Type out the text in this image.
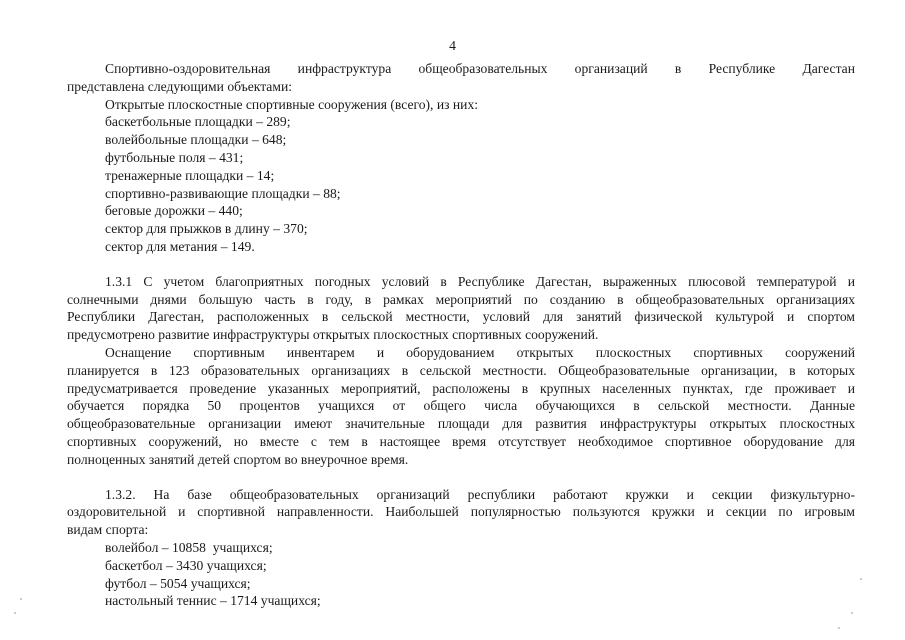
4
Спортивно-оздоровительная инфраструктура общеобразовательных организаций в Республике Дагестан
представлена следующими объектами:
Открытые плоскостные спортивные сооружения (всего), из них:
баскетбольные площадки – 289;
волейбольные площадки – 648;
футбольные поля – 431;
тренажерные площадки – 14;
спортивно-развивающие площадки – 88;
беговые дорожки – 440;
сектор для прыжков в длину – 370;
сектор для метания – 149.
1.3.1 С учетом благоприятных погодных условий в Республике Дагестан, выраженных плюсовой температурой и
солнечными днями большую часть в году, в рамках мероприятий по созданию в общеобразовательных организациях
Республики Дагестан, расположенных в сельской местности, условий для занятий физической культурой и спортом
предусмотрено развитие инфраструктуры открытых плоскостных спортивных сооружений.
Оснащение спортивным инвентарем и оборудованием открытых плоскостных спортивных сооружений
планируется в 123 образовательных организациях в сельской местности. Общеобразовательные организации, в которых
предусматривается проведение указанных мероприятий, расположены в крупных населенных пунктах, где проживает и
обучается порядка 50 процентов учащихся от общего числа обучающихся в сельской местности. Данные
общеобразовательные организации имеют значительные площади для развития инфраструктуры открытых плоскостных
спортивных сооружений, но вместе с тем в настоящее время отсутствует необходимое спортивное оборудование для
полноценных занятий детей спортом во внеурочное время.
1.3.2. На базе общеобразовательных организаций республики работают кружки и секции физкультурно-
оздоровительной и спортивной направленности. Наибольшей популярностью пользуются кружки и секции по игровым
видам спорта:
волейбол – 10858  учащихся;
баскетбол – 3430 учащихся;
футбол – 5054 учащихся;
настольный теннис – 1714 учащихся;
